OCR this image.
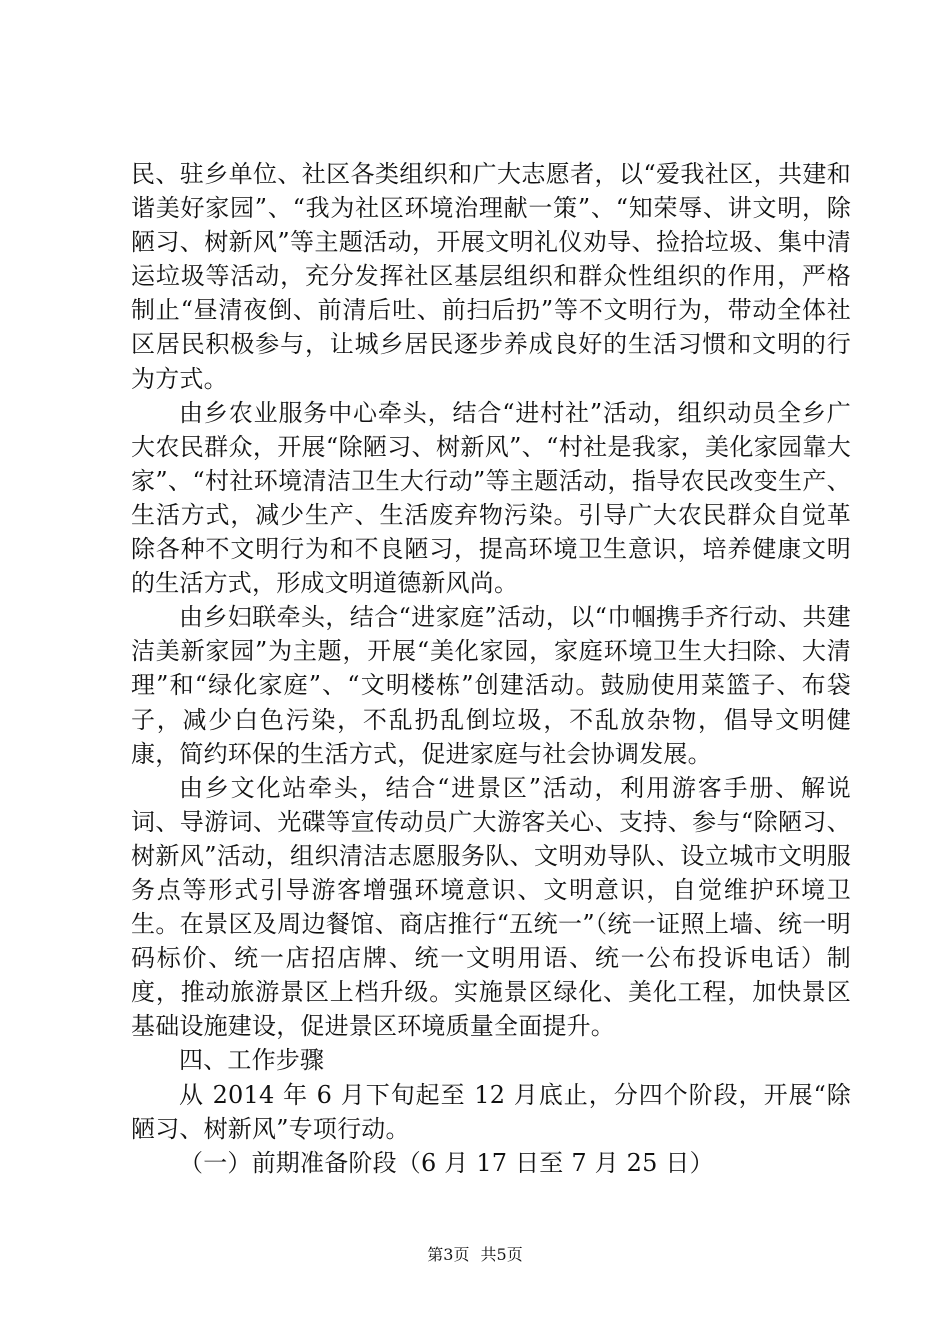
民、驻乡单位、社区各类组织和广大志愿者，以“爱我社区，共建和谐美好家园”、“我为社区环境治理献一策”、“知荣辱、讲文明，除陋习、树新风”等主题活动，开展文明礼仪劝导、捡拾垃圾、集中清运垃圾等活动，充分发挥社区基层组织和群众性组织的作用，严格制止“昼清夜倒、前清后吐、前扫后扔”等不文明行为，带动全体社区居民积极参与，让城乡居民逐步养成良好的生活习惯和文明的行为方式。

由乡农业服务中心牵头，结合“进村社”活动，组织动员全乡广大农民群众，开展“除陋习、树新风”、“村社是我家，美化家园靠大家”、“村社环境清洁卫生大行动”等主题活动，指导农民改变生产、生活方式，减少生产、生活废弃物污染。引导广大农民群众自觉革除各种不文明行为和不良陋习，提高环境卫生意识，培养健康文明的生活方式，形成文明道德新风尚。

由乡妇联牵头，结合“进家庭”活动，以“巾帼携手齐行动、共建洁美新家园”为主题，开展“美化家园，家庭环境卫生大扫除、大清理”和“绿化家庭”、“文明楼栋”创建活动。鼓励使用菜篮子、布袋子，减少白色污染，不乱扔乱倒垃圾，不乱放杂物，倡导文明健康，简约环保的生活方式，促进家庭与社会协调发展。

由乡文化站牵头，结合“进景区”活动，利用游客手册、解说词、导游词、光碟等宣传动员广大游客关心、支持、参与“除陋习、树新风”活动，组织清洁志愿服务队、文明劝导队、设立城市文明服务点等形式引导游客增强环境意识、文明意识，自觉维护环境卫生。在景区及周边餐馆、商店推行“五统一”（统一证照上墙、统一明码标价、统一店招店牌、统一文明用语、统一公布投诉电话）制度，推动旅游景区上档升级。实施景区绿化、美化工程，加快景区基础设施建设，促进景区环境质量全面提升。

四、工作步骤

从 2014 年 6 月下旬起至 12 月底止，分四个阶段，开展“除陋习、树新风”专项行动。

（一）前期准备阶段（6 月 17 日至 7 月 25 日）

第3页 共5页
